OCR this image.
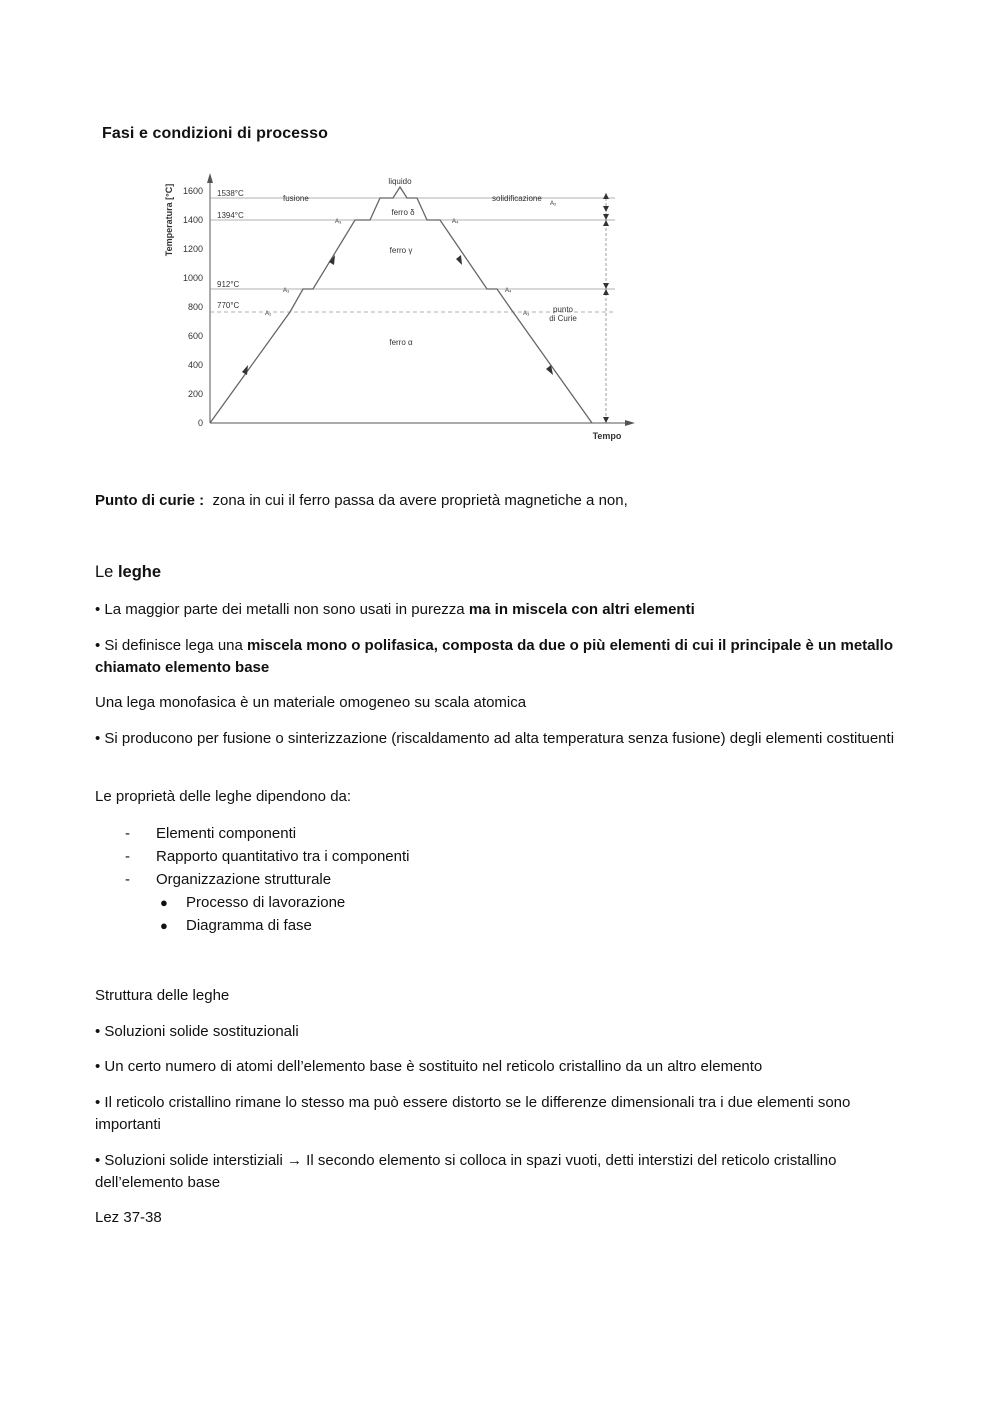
Fasi e condizioni di processo
1600
1400
1200
1000
800
600
400
200
0
Temperatura [°C]	1538°C
1394°C
912°C
770°C
liquido
fusione	solidificazione
ferro δ
ferro γ
ferro α
punto
di Curie
A₃	A₄
A₃
A₂
A₄
A₃
A₂
Tempo
Punto di curie : zona in cui il ferro passa da avere proprietà magnetiche a non,
Le leghe
• La maggior parte dei metalli non sono usati in purezza ma in miscela con altri elementi
• Si definisce lega una miscela mono o polifasica, composta da due o più elementi di cui il principale è un metallo chiamato elemento base
Una lega monofasica è un materiale omogeneo su scala atomica
• Si producono per fusione o sinterizzazione (riscaldamento ad alta temperatura senza fusione) degli elementi costituenti
Le proprietà delle leghe dipendono da:
- Elementi componenti
- Rapporto quantitativo tra i componenti
- Organizzazione strutturale
● Processo di lavorazione
● Diagramma di fase
Struttura delle leghe
• Soluzioni solide sostituzionali
• Un certo numero di atomi dell’elemento base è sostituito nel reticolo cristallino da un altro elemento
• Il reticolo cristallino rimane lo stesso ma può essere distorto se le differenze dimensionali tra i due elementi sono importanti
• Soluzioni solide interstiziali → Il secondo elemento si colloca in spazi vuoti, detti interstizi del reticolo cristallino dell’elemento base
Lez 37-38
